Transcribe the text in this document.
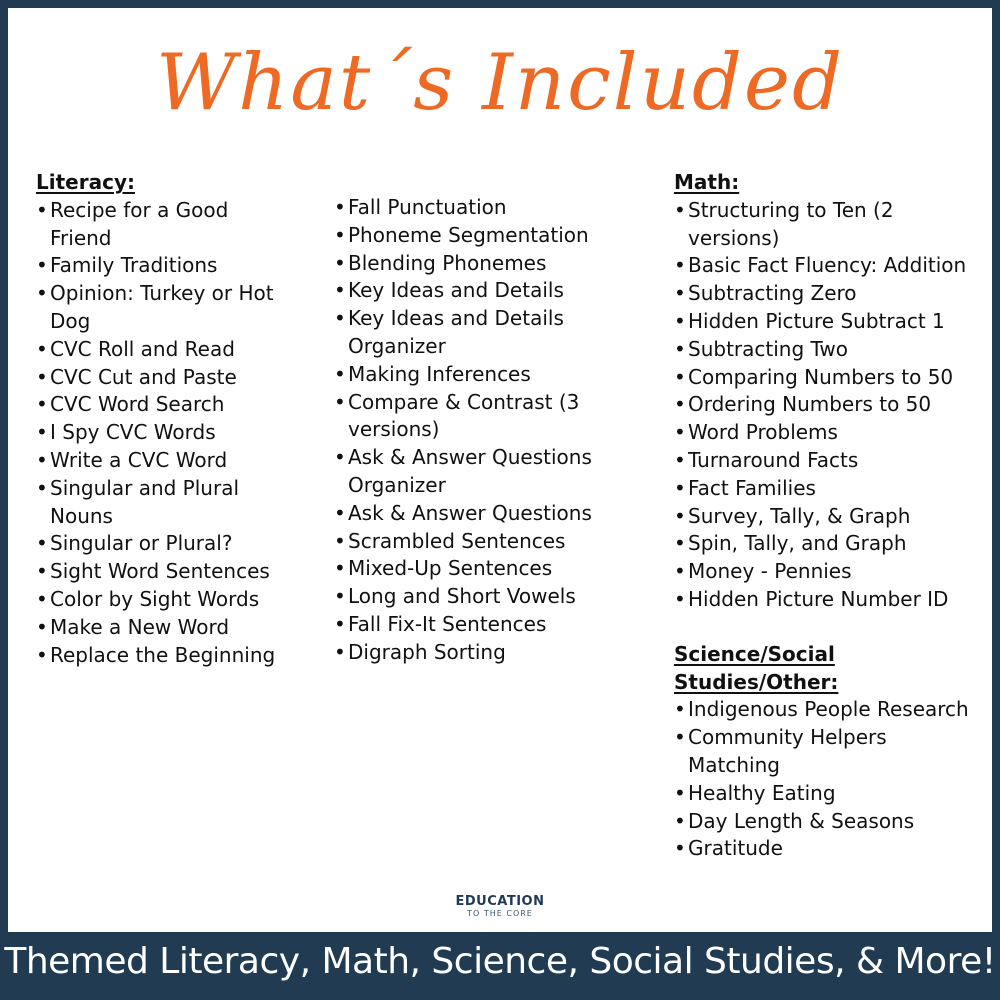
What´s Included
Literacy:
• Recipe for a Good Friend
• Family Traditions
• Opinion: Turkey or Hot Dog
• CVC Roll and Read
• CVC Cut and Paste
• CVC Word Search
• I Spy CVC Words
• Write a CVC Word
• Singular and Plural Nouns
• Singular or Plural?
• Sight Word Sentences
• Color by Sight Words
• Make a New Word
• Replace the Beginning
• Fall Punctuation
• Phoneme Segmentation
• Blending Phonemes
• Key Ideas and Details
• Key Ideas and Details Organizer
• Making Inferences
• Compare & Contrast (3 versions)
• Ask & Answer Questions Organizer
• Ask & Answer Questions
• Scrambled Sentences
• Mixed-Up Sentences
• Long and Short Vowels
• Fall Fix-It Sentences
• Digraph Sorting
Math:
• Structuring to Ten (2 versions)
• Basic Fact Fluency: Addition
• Subtracting Zero
• Hidden Picture Subtract 1
• Subtracting Two
• Comparing Numbers to 50
• Ordering Numbers to 50
• Word Problems
• Turnaround Facts
• Fact Families
• Survey, Tally, & Graph
• Spin, Tally, and Graph
• Money - Pennies
• Hidden Picture Number ID
Science/Social Studies/Other:
• Indigenous People Research
• Community Helpers Matching
• Healthy Eating
• Day Length & Seasons
• Gratitude
EDUCATION
TO THE CORE
Themed Literacy, Math, Science, Social Studies, & More!
